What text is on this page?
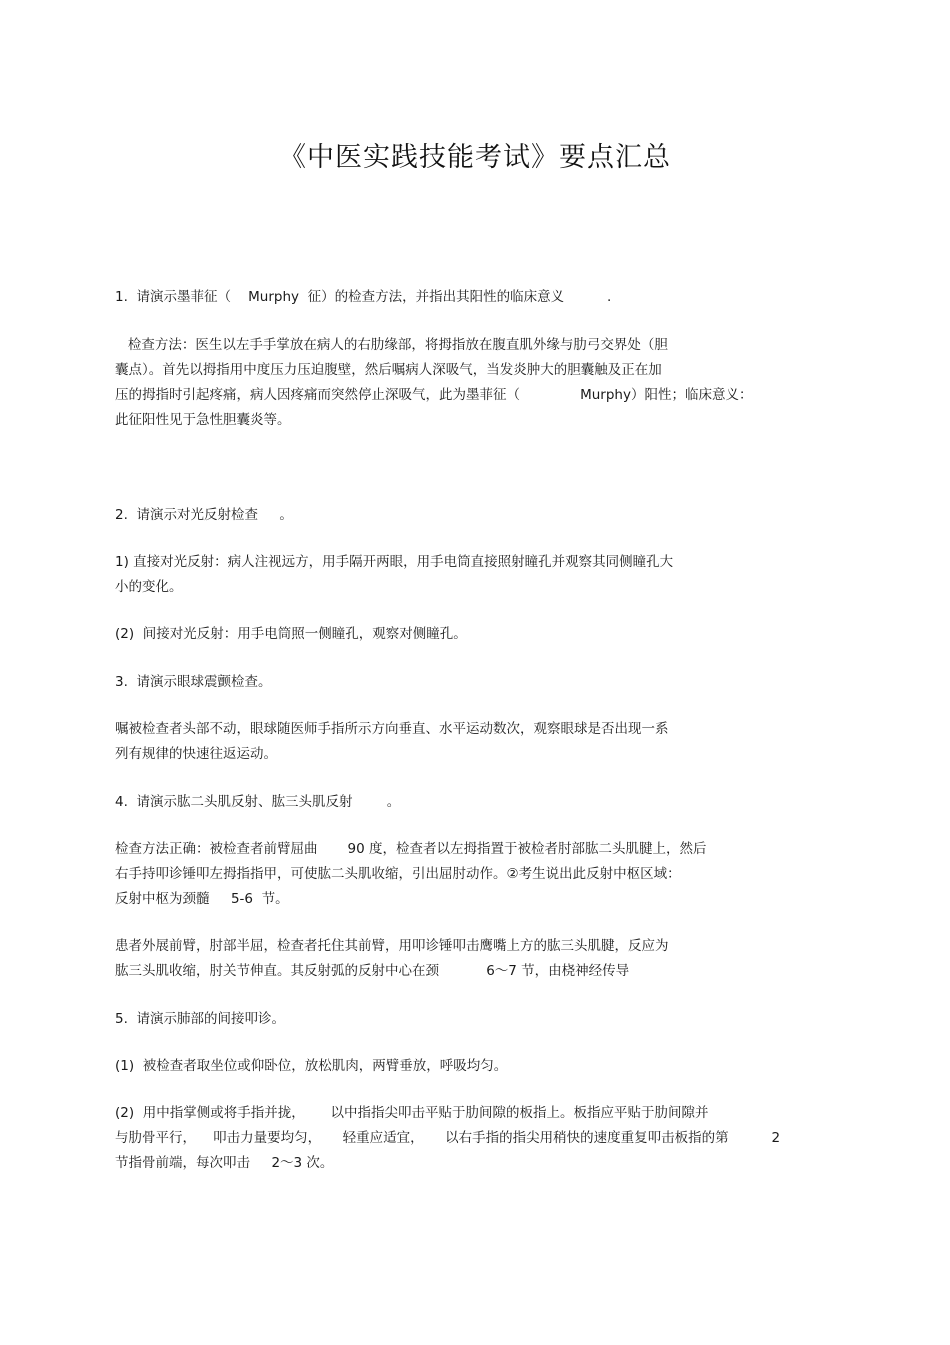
《中医实践技能考试》要点汇总
1.  请演示墨菲征（    Murphy  征）的检查方法，并指出其阳性的临床意义          .
检查方法：医生以左手手掌放在病人的右肋缘部，将拇指放在腹直肌外缘与肋弓交界处（胆
囊点）。首先以拇指用中度压力压迫腹壁，然后嘱病人深吸气，当发炎肿大的胆囊触及正在加
压的拇指时引起疼痛，病人因疼痛而突然停止深吸气，此为墨菲征（              Murphy）阳性；临床意义：
此征阳性见于急性胆囊炎等。
2.  请演示对光反射检查     。
1) 直接对光反射：病人注视远方，用手隔开两眼，用手电筒直接照射瞳孔并观察其同侧瞳孔大
小的变化。
(2)  间接对光反射：用手电筒照一侧瞳孔，观察对侧瞳孔。
3.  请演示眼球震颤检查。
嘱被检查者头部不动，眼球随医师手指所示方向垂直、水平运动数次，观察眼球是否出现一系
列有规律的快速往返运动。
4.  请演示肱二头肌反射、肱三头肌反射        。
检查方法正确：被检查者前臂屈曲       90 度，检查者以左拇指置于被检者肘部肱二头肌腱上，然后
右手持叩诊锤叩左拇指指甲，可使肱二头肌收缩，引出屈肘动作。②考生说出此反射中枢区域：
反射中枢为颈髓     5-6  节。
患者外展前臂，肘部半屈，检查者托住其前臂，用叩诊锤叩击鹰嘴上方的肱三头肌腱，反应为
肱三头肌收缩，肘关节伸直。其反射弧的反射中心在颈           6～7 节，由桡神经传导
5.  请演示肺部的间接叩诊。
(1)  被检查者取坐位或仰卧位，放松肌肉，两臂垂放，呼吸均匀。
(2)  用中指掌侧或将手指并拢，      以中指指尖叩击平贴于肋间隙的板指上。板指应平贴于肋间隙并
与肋骨平行，    叩击力量要均匀，     轻重应适宜，     以右手指的指尖用稍快的速度重复叩击板指的第          2
节指骨前端，每次叩击     2～3 次。
